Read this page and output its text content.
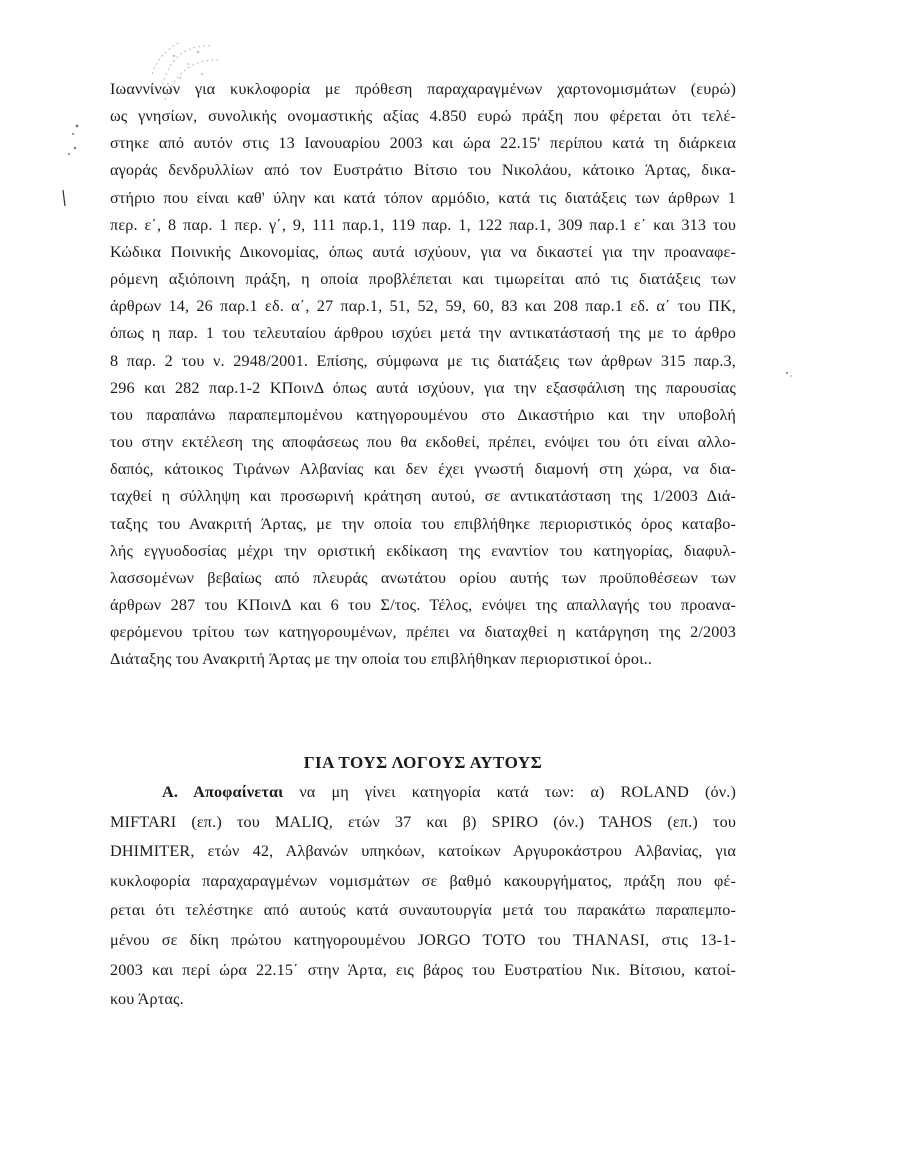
Ιωαννίνων για κυκλοφορία με πρόθεση παραχαραγμένων χαρτονομισμάτων (ευρώ)
ως γνησίων, συνολικής ονομαστικής αξίας 4.850 ευρώ πράξη που φέρεται ότι τελέ-
στηκε από αυτόν στις 13 Ιανουαρίου 2003 και ώρα 22.15' περίπου κατά τη διάρκεια
αγοράς δενδρυλλίων από τον Ευστράτιο Βίτσιο του Νικολάου, κάτοικο Άρτας, δικα-
στήριο που είναι καθ' ύλην και κατά τόπον αρμόδιο, κατά τις διατάξεις των άρθρων 1
περ. ε΄, 8 παρ. 1 περ. γ΄, 9, 111 παρ.1, 119 παρ. 1, 122 παρ.1, 309 παρ.1 ε΄ και 313 του
Κώδικα Ποινικής Δικονομίας, όπως αυτά ισχύουν, για να δικαστεί για την προαναφε-
ρόμενη αξιόποινη πράξη, η οποία προβλέπεται και τιμωρείται από τις διατάξεις των
άρθρων 14, 26 παρ.1 εδ. α΄, 27 παρ.1, 51, 52, 59, 60, 83 και 208 παρ.1 εδ. α΄ του ΠΚ,
όπως η παρ. 1 του τελευταίου άρθρου ισχύει μετά την αντικατάστασή της με το άρθρο
8 παρ. 2 του ν. 2948/2001. Επίσης, σύμφωνα με τις διατάξεις των άρθρων 315 παρ.3,
296 και 282 παρ.1-2 ΚΠοινΔ όπως αυτά ισχύουν, για την εξασφάλιση της παρουσίας
του παραπάνω παραπεμπομένου κατηγορουμένου στο Δικαστήριο και την υποβολή
του στην εκτέλεση της αποφάσεως που θα εκδοθεί, πρέπει, ενόψει του ότι είναι αλλο-
δαπός, κάτοικος Τιράνων Αλβανίας και δεν έχει γνωστή διαμονή στη χώρα, να δια-
ταχθεί η σύλληψη και προσωρινή κράτηση αυτού, σε αντικατάσταση της 1/2003 Διά-
ταξης του Ανακριτή Άρτας, με την οποία του επιβλήθηκε περιοριστικός όρος καταβο-
λής εγγυοδοσίας μέχρι την οριστική εκδίκαση της εναντίον του κατηγορίας, διαφυλ-
λασσομένων βεβαίως από πλευράς ανωτάτου ορίου αυτής των προϋποθέσεων των
άρθρων 287 του ΚΠοινΔ και 6 του Σ/τος. Τέλος, ενόψει της απαλλαγής του προανα-
φερόμενου τρίτου των κατηγορουμένων, πρέπει να διαταχθεί η κατάργηση της 2/2003
Διάταξης του Ανακριτή Άρτας με την οποία του επιβλήθηκαν περιοριστικοί όροι..
ΓΙΑ ΤΟΥΣ ΛΟΓΟΥΣ ΑΥΤΟΥΣ
Α. Αποφαίνεται να μη γίνει κατηγορία κατά των: α) ROLAND (όν.)
MIFTARI (επ.) του MALIQ, ετών 37 και β) SPIRO (όν.) TAHOS (επ.) του
DHIMITER, ετών 42, Αλβανών υπηκόων, κατοίκων Αργυροκάστρου Αλβανίας, για
κυκλοφορία παραχαραγμένων νομισμάτων σε βαθμό κακουργήματος, πράξη που φέ-
ρεται ότι τελέστηκε από αυτούς κατά συναυτουργία μετά του παρακάτω παραπεμπο-
μένου σε δίκη πρώτου κατηγορουμένου JORGO TOTO του THANASI, στις 13-1-
2003 και περί ώρα 22.15΄ στην Άρτα, εις βάρος του Ευστρατίου Νικ. Βίτσιου, κατοί-
κου Άρτας.
